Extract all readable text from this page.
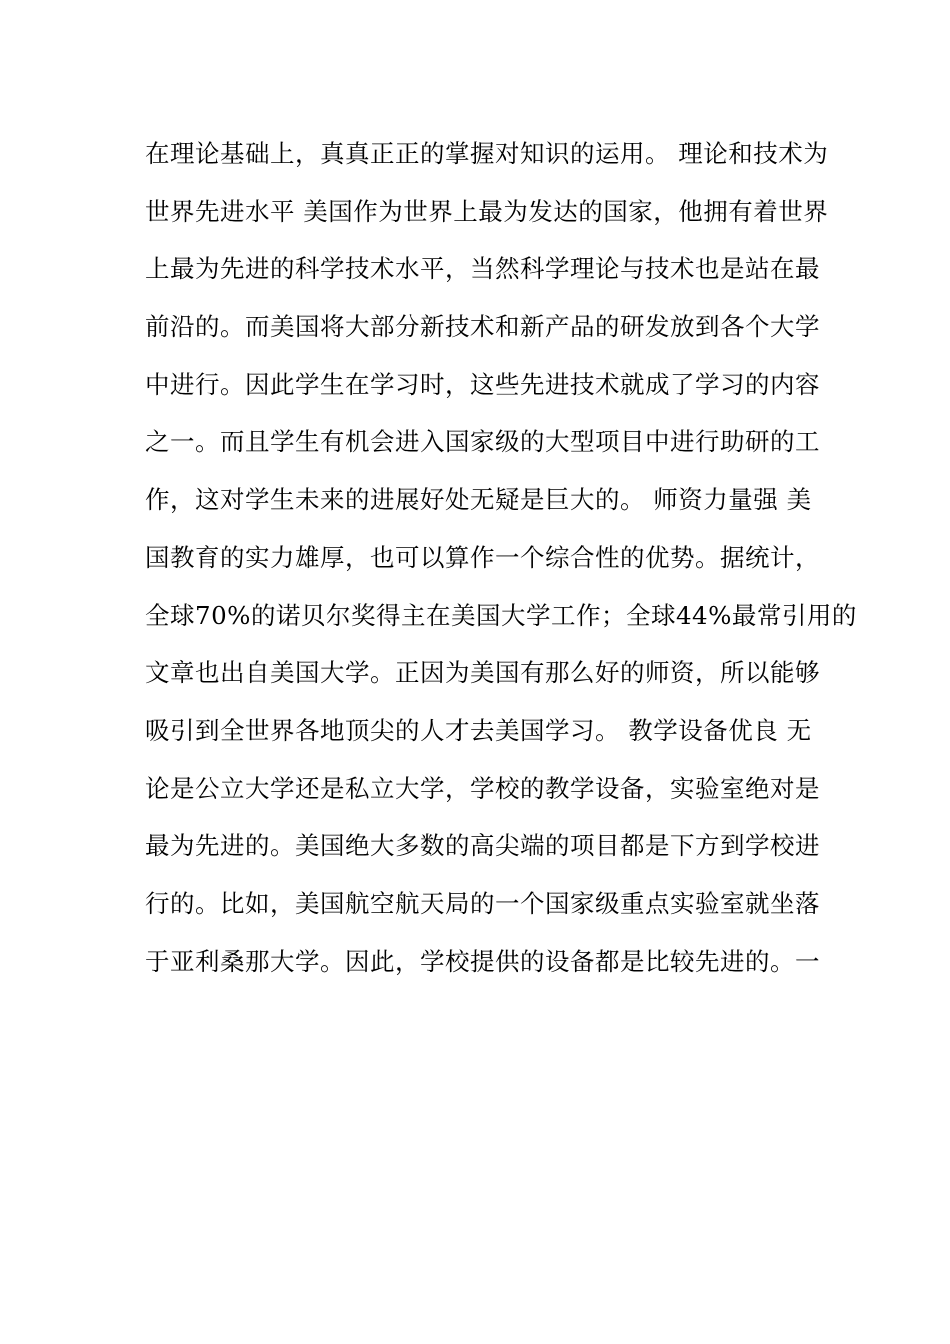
在理论基础上，真真正正的掌握对知识的运用。 理论和技术为
世界先进水平 美国作为世界上最为发达的国家，他拥有着世界
上最为先进的科学技术水平，当然科学理论与技术也是站在最
前沿的。而美国将大部分新技术和新产品的研发放到各个大学
中进行。因此学生在学习时，这些先进技术就成了学习的内容
之一。而且学生有机会进入国家级的大型项目中进行助研的工
作，这对学生未来的进展好处无疑是巨大的。 师资力量强 美
国教育的实力雄厚，也可以算作一个综合性的优势。据统计，
全球70%的诺贝尔奖得主在美国大学工作；全球44%最常引用的
文章也出自美国大学。正因为美国有那么好的师资，所以能够
吸引到全世界各地顶尖的人才去美国学习。 教学设备优良 无
论是公立大学还是私立大学，学校的教学设备，实验室绝对是
最为先进的。美国绝大多数的高尖端的项目都是下方到学校进
行的。比如，美国航空航天局的一个国家级重点实验室就坐落
于亚利桑那大学。因此，学校提供的设备都是比较先进的。一
